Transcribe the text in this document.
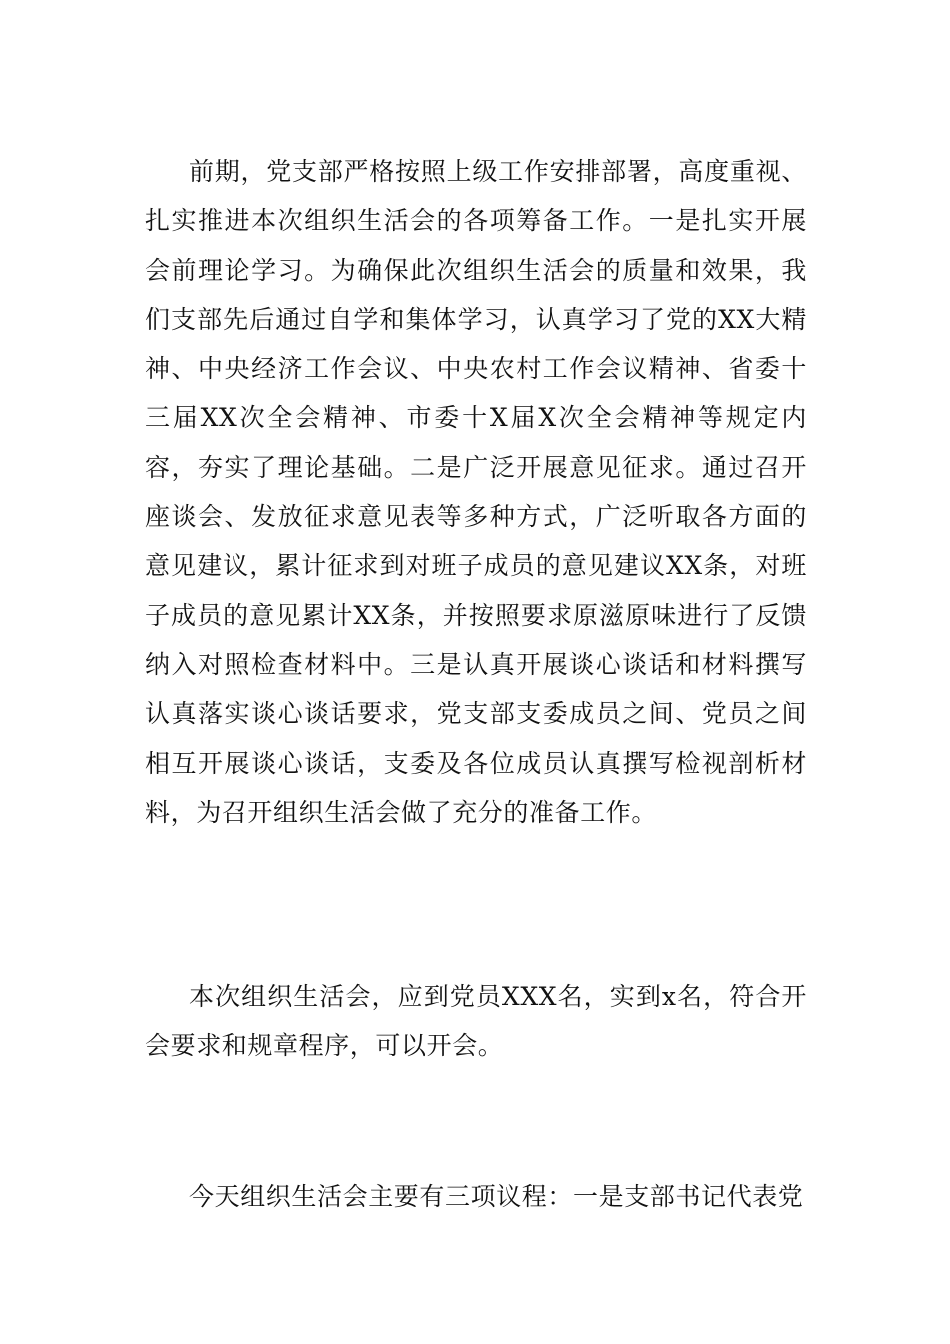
前期，党支部严格按照上级工作安排部署，高度重视、扎实推进本次组织生活会的各项筹备工作。一是扎实开展会前理论学习。为确保此次组织生活会的质量和效果，我们支部先后通过自学和集体学习，认真学习了党的XX大精神、中央经济工作会议、中央农村工作会议精神、省委十三届XX次全会精神、市委十X届X次全会精神等规定内容，夯实了理论基础。二是广泛开展意见征求。通过召开座谈会、发放征求意见表等多种方式，广泛听取各方面的意见建议，累计征求到对班子成员的意见建议XX条，对班子成员的意见累计XX条，并按照要求原滋原味进行了反馈纳入对照检查材料中。三是认真开展谈心谈话和材料撰写认真落实谈心谈话要求，党支部支委成员之间、党员之间相互开展谈心谈话，支委及各位成员认真撰写检视剖析材料，为召开组织生活会做了充分的准备工作。

本次组织生活会，应到党员XXX名，实到x名，符合开会要求和规章程序，可以开会。

今天组织生活会主要有三项议程：一是支部书记代表党
